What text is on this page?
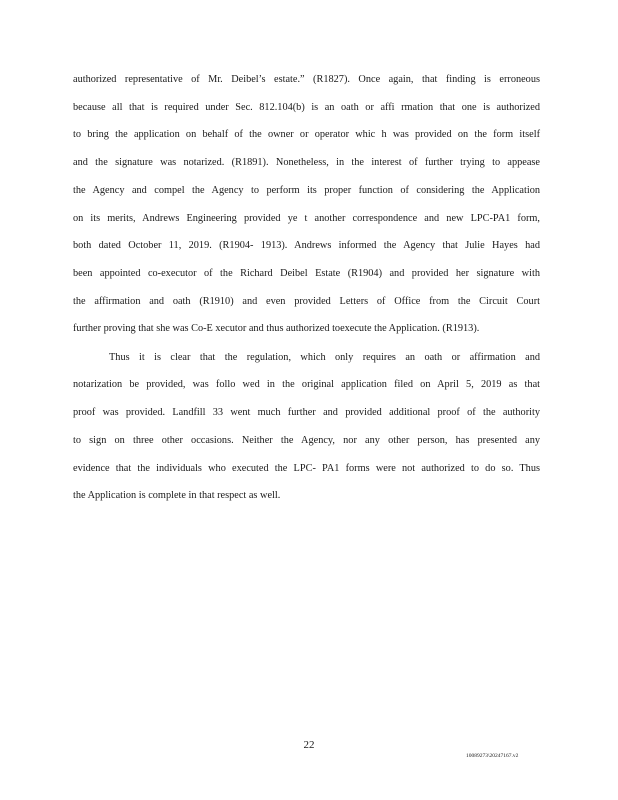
authorized representative of Mr. Deibel’s estate.” (R1827). Once again, that finding is erroneous
because all that is required under Sec. 812.104(b) is an oath or affi rmation that one is authorized
to bring the application on behalf of the owner or operator whic h was provided on the form itself
and the signature was notarized. (R1891). Nonetheless, in the interest of further trying to appease
the Agency and compel the Agency to perform its proper function of considering the Application
on its merits, Andrews Engineering provided ye t another correspondence and new LPC-PA1 form,
both dated October 11, 2019. (R1904- 1913). Andrews informed the Agency that Julie Hayes had
been appointed co-executor of the Richard Deibel Estate (R1904) and provided her signature with
the affirmation and oath (R1910) and even provided Letters of Office from the Circuit Court
further proving that she was Co-E xecutor and thus authorized toexecute the Application. (R1913).
Thus it is clear that the regulation, which only requires an oath or affirmation and
notarization be provided, was follo wed in the original application filed on April 5, 2019 as that
proof was provided. Landfill 33 went much further and provided additional proof of the authority
to sign on three other occasions. Neither the Agency, nor any other person, has presented any
evidence that the individuals who executed the LPC- PA1 forms were not authorized to do so. Thus
the Application is complete in that respect as well.
22
10089273\20247167.v2
